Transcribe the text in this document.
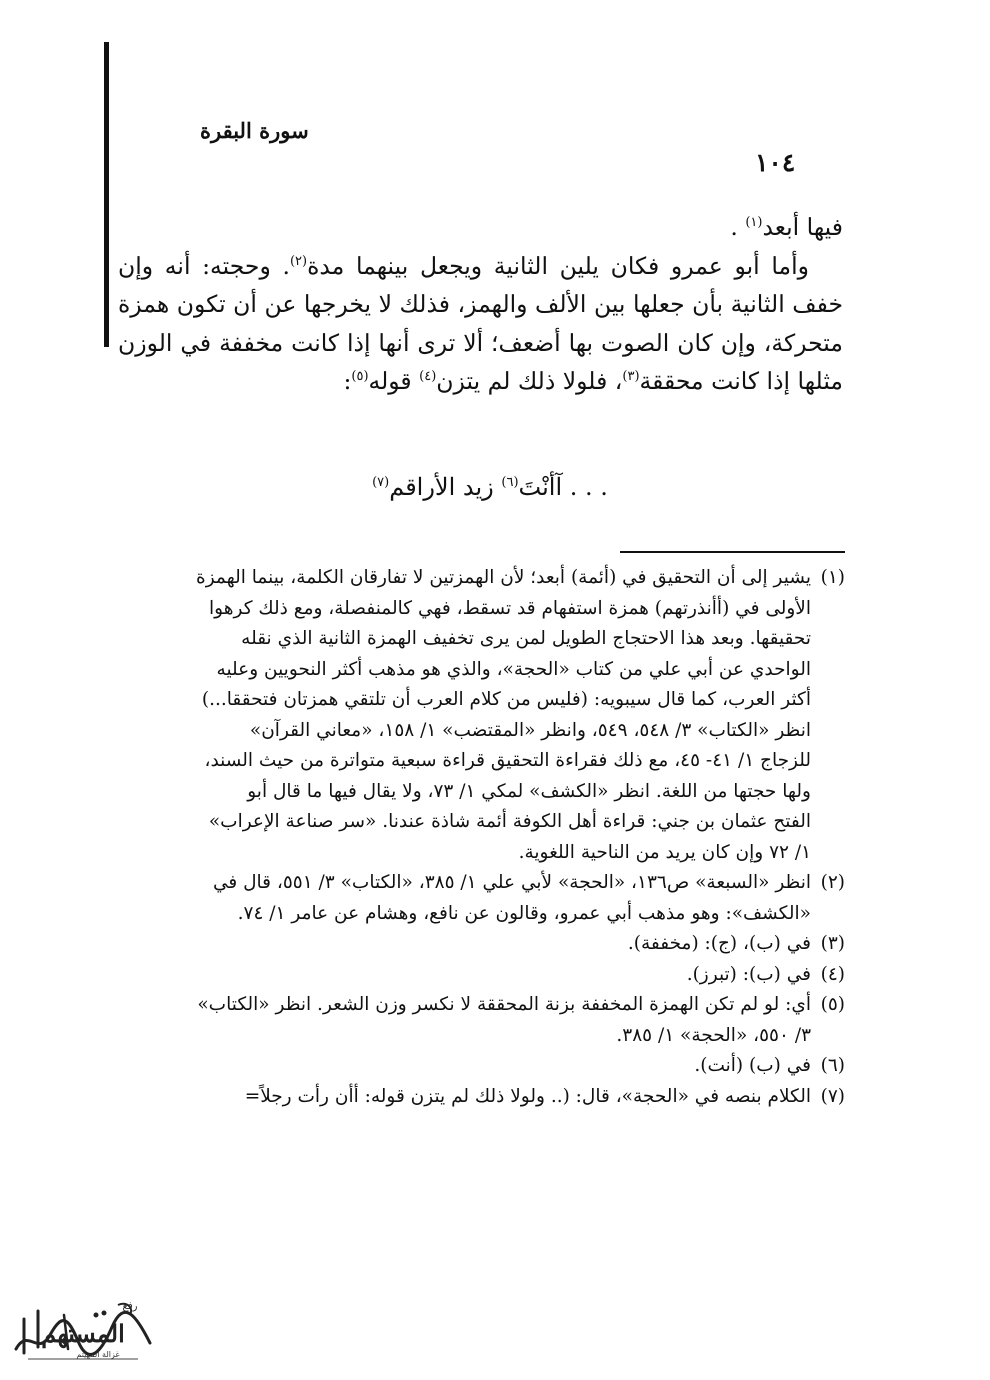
سورة البقرة
١٠٤

فيها أبعد$^{(١)}$ .

وأما أبو عمرو فكان يلين الثانية ويجعل بينهما مدة$^{(٢)}$. وحجته: أنه وإن خفف الثانية بأن جعلها بين الألف والهمز، فذلك لا يخرجها عن أن تكون همزة متحركة، وإن كان الصوت بها أضعف؛ ألا ترى أنها إذا كانت مخففة في الوزن مثلها إذا كانت محققة$^{(٣)}$، فلولا ذلك لم يتزن$^{(٤)}$ قوله$^{(٥)}$:

. . . آأنْتَ$^{(٦)}$ زيد الأراقم$^{(٧)}$

(١)يشير إلى أن التحقيق في (أئمة) أبعد؛ لأن الهمزتين لا تفارقان الكلمة، بينما الهمزة

الأولى في (أأنذرتهم) همزة استفهام قد تسقط، فهي كالمنفصلة، ومع ذلك كرهوا

تحقيقها. وبعد هذا الاحتجاج الطويل لمن يرى تخفيف الهمزة الثانية الذي نقله

الواحدي عن أبي علي من كتاب «الحجة»، والذي هو مذهب أكثر النحويين وعليه

أكثر العرب، كما قال سيبويه: (فليس من كلام العرب أن تلتقي همزتان فتحققا...)

انظر «الكتاب» ٣/ ٥٤٨، ٥٤٩، وانظر «المقتضب» ١/ ١٥٨، «معاني القرآن»

للزجاج ١/ ٤١- ٤٥، مع ذلك فقراءة التحقيق قراءة سبعية متواترة من حيث السند،

ولها حجتها من اللغة. انظر «الكشف» لمكي ١/ ٧٣، ولا يقال فيها ما قال أبو

الفتح عثمان بن جني: قراءة أهل الكوفة أئمة شاذة عندنا. «سر صناعة الإعراب»

١/ ٧٢ وإن كان يريد من الناحية اللغوية.

(٢)انظر «السبعة» ص١٣٦، «الحجة» لأبي علي ١/ ٣٨٥، «الكتاب» ٣/ ٥٥١، قال في

«الكشف»: وهو مذهب أبي عمرو، وقالون عن نافع، وهشام عن عامر ١/ ٧٤.

(٣)في (ب)، (ج): (مخففة).

(٤)في (ب): (تبرز).

(٥)أي: لو لم تكن الهمزة المخففة بزنة المحققة لا نكسر وزن الشعر. انظر «الكتاب»

٣/ ٥٥٠، «الحجة» ١/ ٣٨٥.

(٦)في (ب) (أنت).

(٧)الكلام بنصه في «الحجة»، قال: (.. ولولا ذلك لم يتزن قوله: أأن رأت رجلاً=

رفع
المستهم
غزالة المهيتم
